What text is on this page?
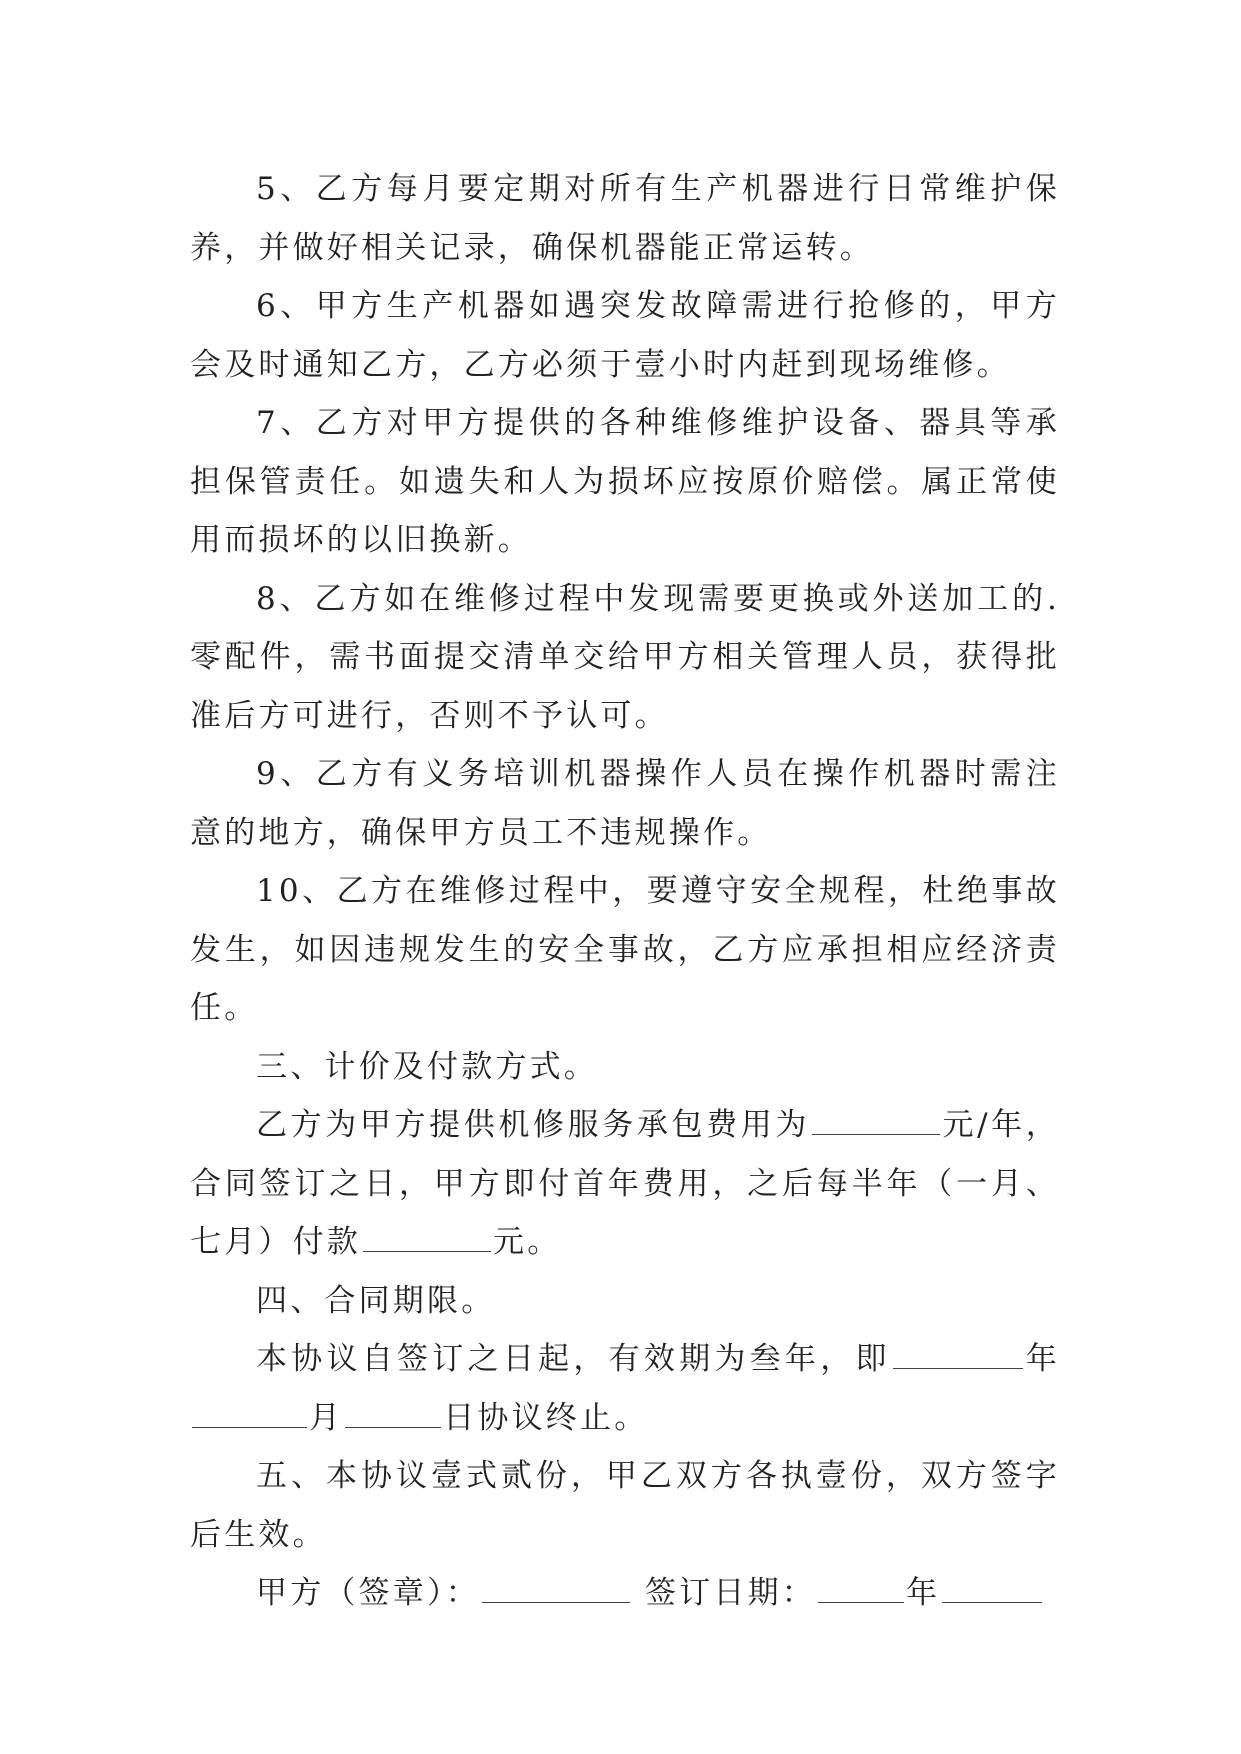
5、乙方每月要定期对所有生产机器进行日常维护保养，并做好相关记录，确保机器能正常运转。

6、甲方生产机器如遇突发故障需进行抢修的，甲方会及时通知乙方，乙方必须于壹小时内赶到现场维修。

7、乙方对甲方提供的各种维修维护设备、器具等承担保管责任。如遗失和人为损坏应按原价赔偿。属正常使用而损坏的以旧换新。

8、乙方如在维修过程中发现需要更换或外送加工的.零配件，需书面提交清单交给甲方相关管理人员，获得批准后方可进行，否则不予认可。

9、乙方有义务培训机器操作人员在操作机器时需注意的地方，确保甲方员工不违规操作。

10、乙方在维修过程中，要遵守安全规程，杜绝事故发生，如因违规发生的安全事故，乙方应承担相应经济责任。

三、计价及付款方式。

乙方为甲方提供机修服务承包费用为	元/年，合同签订之日，甲方即付首年费用，之后每半年（一月、七月）付款	元。

四、合同期限。

本协议自签订之日起，有效期为叁年，即	年月	日协议终止。

五、本协议壹式贰份，甲乙双方各执壹份，双方签字后生效。

甲方（签章）：	签订日期：	年
